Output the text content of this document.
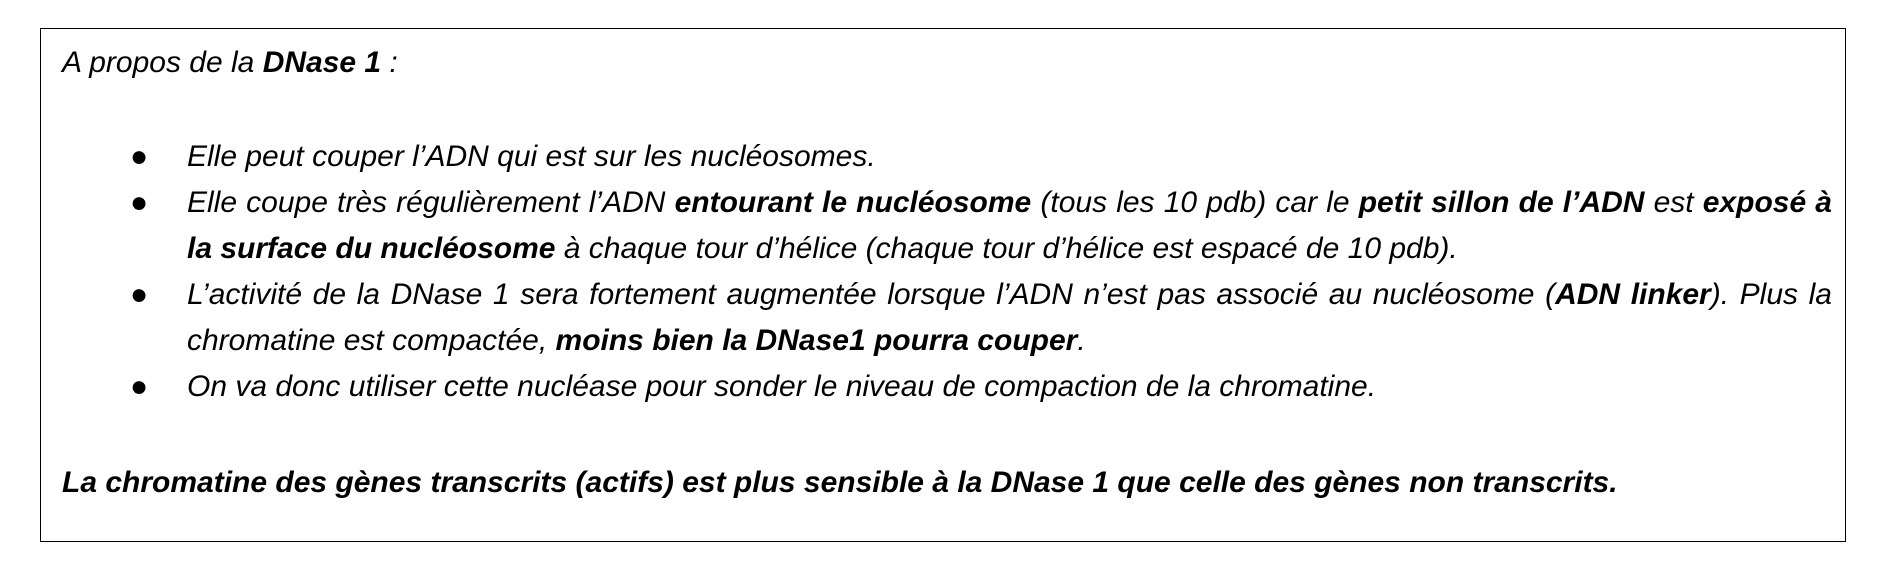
A propos de la DNase 1 :
● Elle peut couper l’ADN qui est sur les nucléosomes.
● Elle coupe très régulièrement l’ADN entourant le nucléosome (tous les 10 pdb) car le petit sillon de l’ADN est exposé à la surface du nucléosome à chaque tour d’hélice (chaque tour d’hélice est espacé de 10 pdb).
● L’activité de la DNase 1 sera fortement augmentée lorsque l’ADN n’est pas associé au nucléosome (ADN linker). Plus la chromatine est compactée, moins bien la DNase1 pourra couper.
● On va donc utiliser cette nucléase pour sonder le niveau de compaction de la chromatine.
La chromatine des gènes transcrits (actifs) est plus sensible à la DNase 1 que celle des gènes non transcrits.
